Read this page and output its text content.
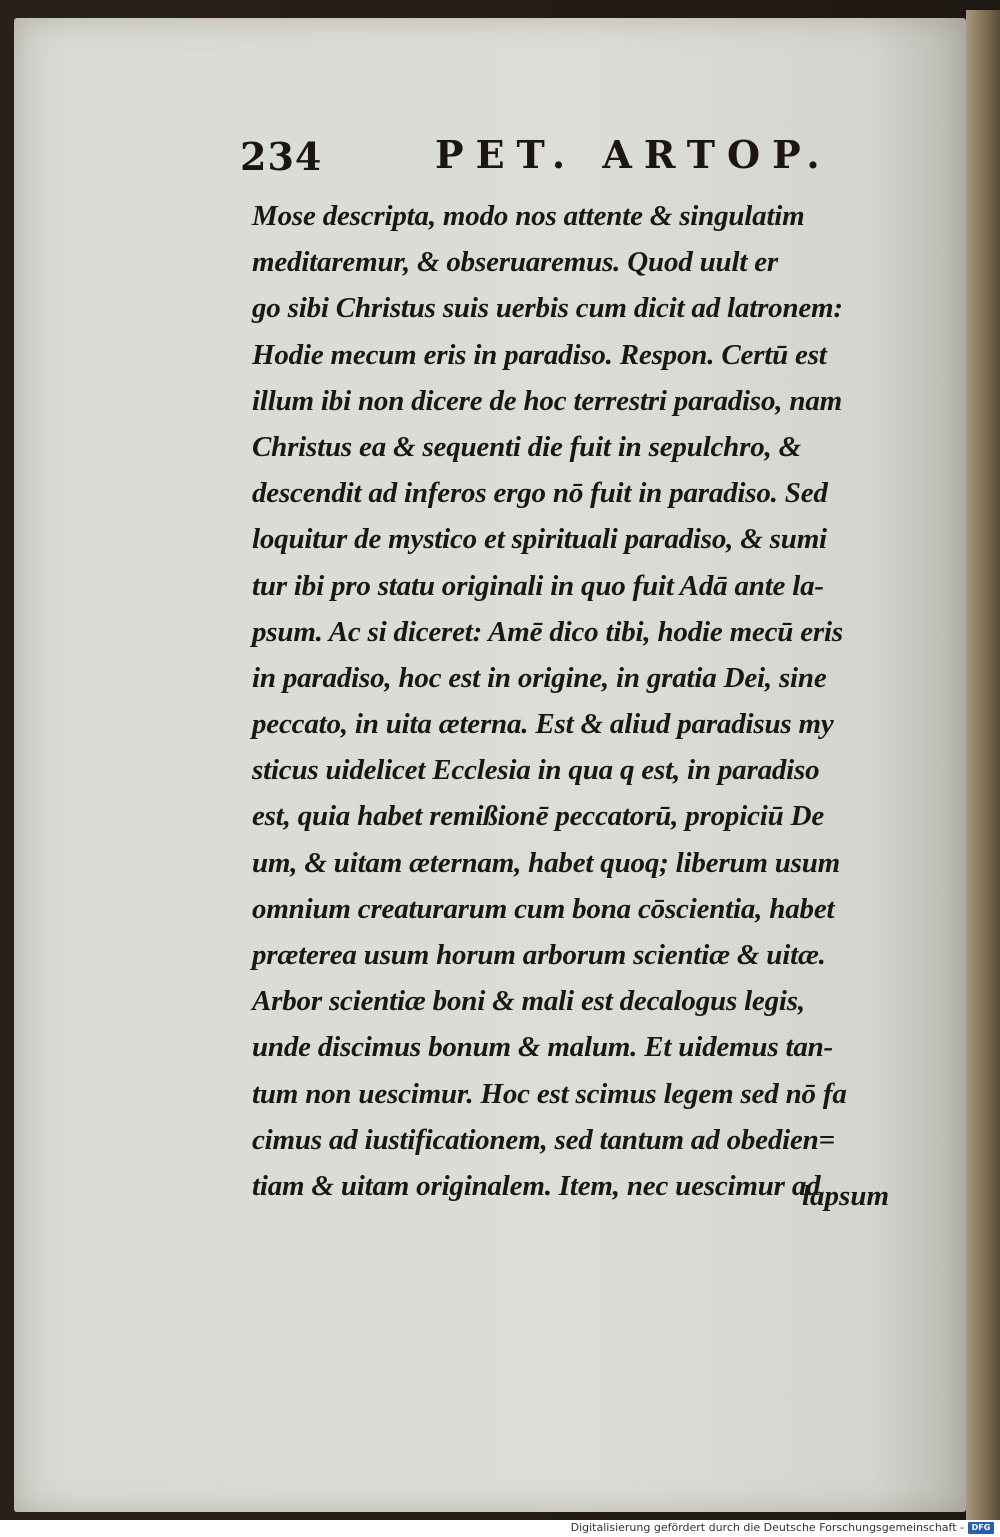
234	PET. ARTOP.
Mose descripta, modo nos attente & singulatim
meditaremur, & obseruaremus. Quod uult er
go sibi Christus suis uerbis cum dicit ad latronem:
Hodie mecum eris in paradiso. Respon. Certū est
illum ibi non dicere de hoc terrestri paradiso, nam
Christus ea & sequenti die fuit in sepulchro, &
descendit ad inferos ergo nō fuit in paradiso. Sed
loquitur de mystico et spirituali paradiso, & sumi
tur ibi pro statu originali in quo fuit Adā ante la-
psum. Ac si diceret: Amē dico tibi, hodie mecū eris
in paradiso, hoc est in origine, in gratia Dei, sine
peccato, in uita æterna. Est & aliud paradisus my
sticus uidelicet Ecclesia in qua q est, in paradiso
est, quia habet remißionē peccatorū, propiciū De
um, & uitam æternam, habet quoq; liberum usum
omnium creaturarum cum bona cōscientia, habet
præterea usum horum arborum scientiæ & uitæ.
Arbor scientiæ boni & mali est decalogus legis,
unde discimus bonum & malum. Et uidemus tan-
tum non uescimur. Hoc est scimus legem sed nō fa
cimus ad iustificationem, sed tantum ad obedien=
tiam & uitam originalem. Item, nec uescimur ad
lapsum
Digitalisierung gefördert durch die Deutsche Forschungsgemeinschaft - DFG
